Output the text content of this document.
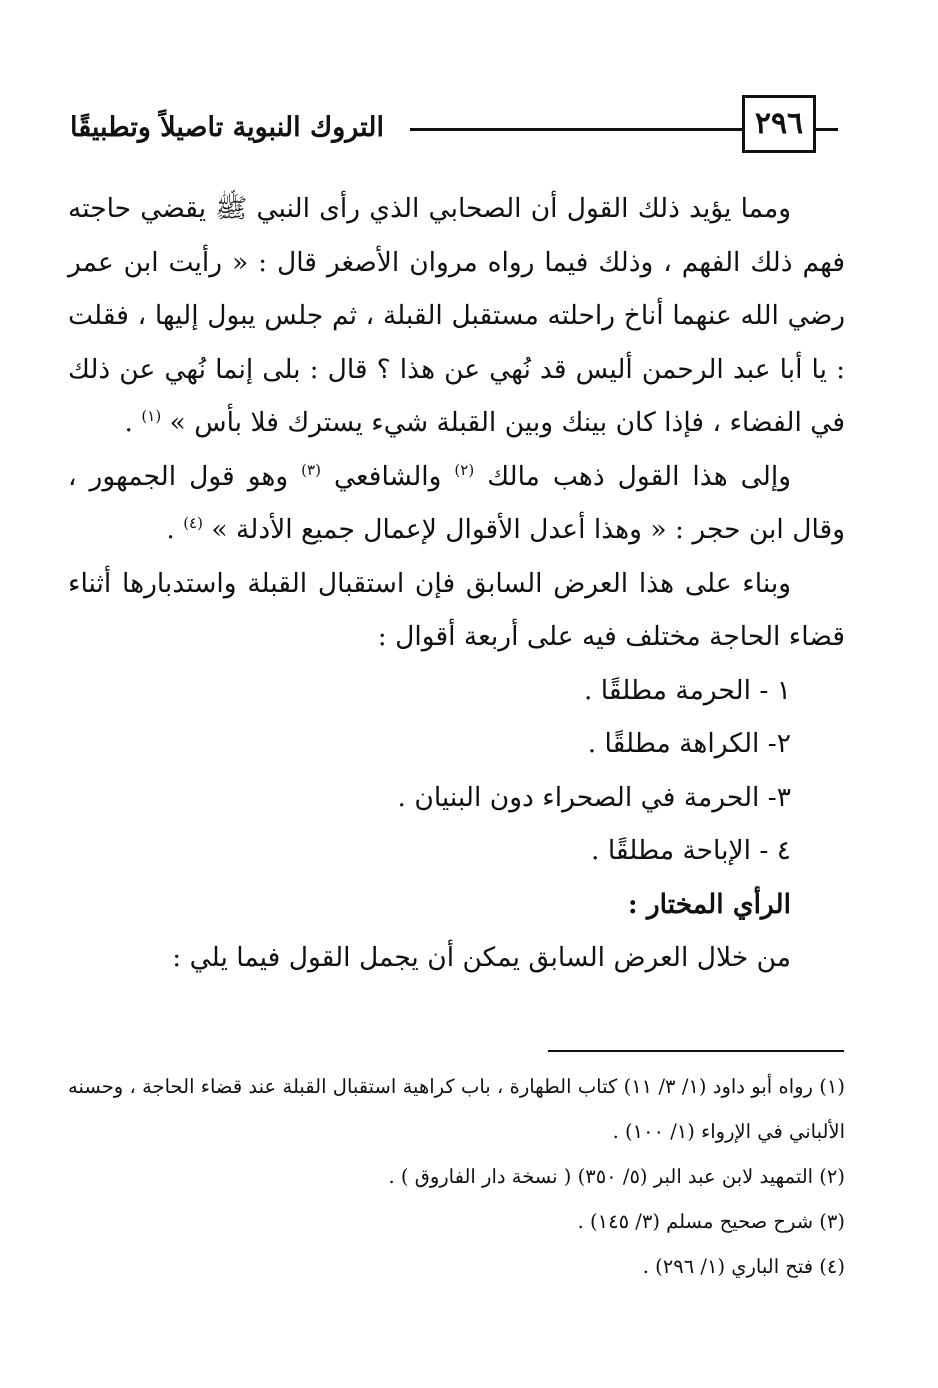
التروك النبوية تاصيلاً وتطبيقًا	٢٩٦

ومما يؤيد ذلك القول أن الصحابي الذي رأى النبي ﷺ يقضي حاجته فهم ذلك الفهم ، وذلك فيما رواه مروان الأصغر قال : « رأيت ابن عمر رضي الله عنهما أناخ راحلته مستقبل القبلة ، ثم جلس يبول إليها ، فقلت : يا أبا عبد الرحمن أليس قد نُهي عن هذا ؟ قال : بلى إنما نُهي عن ذلك في الفضاء ، فإذا كان بينك وبين القبلة شيء يسترك فلا بأس » $^{(١)}$ .

وإلى هذا القول ذهب مالك $^{(٢)}$ والشافعي $^{(٣)}$ وهو قول الجمهور ، وقال ابن حجر : « وهذا أعدل الأقوال لإعمال جميع الأدلة » $^{(٤)}$ .

وبناء على هذا العرض السابق فإن استقبال القبلة واستدبارها أثناء قضاء الحاجة مختلف فيه على أربعة أقوال :

١ - الحرمة مطلقًا .
٢- الكراهة مطلقًا .
٣- الحرمة في الصحراء دون البنيان .
٤ - الإباحة مطلقًا .
الرأي المختار :

من خلال العرض السابق يمكن أن يجمل القول فيما يلي :

(١) رواه أبو داود (١/ ٣/ ١١) كتاب الطهارة ، باب كراهية استقبال القبلة عند قضاء الحاجة ، وحسنه الألباني في الإرواء (١/ ١٠٠) .

(٢) التمهيد لابن عبد البر (٥/ ٣٥٠) ( نسخة دار الفاروق ) .

(٣) شرح صحيح مسلم (٣/ ١٤٥) .

(٤) فتح الباري (١/ ٢٩٦) .
